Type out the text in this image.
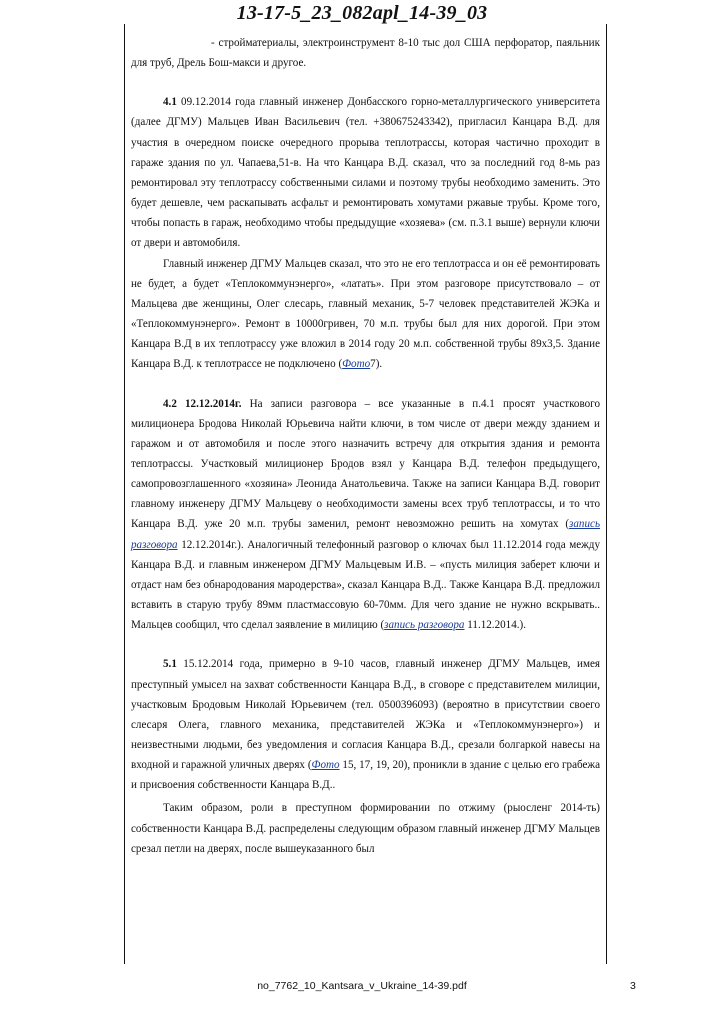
13-17-5_23_082apl_14-39_03

- стройматериалы, электроинструмент 8-10 тыс дол США перфоратор, паяльник для труб, Дрель Бош-макси и другое.

4.1 09.12.2014 года главный инженер Донбасского горно-металлургического университета (далее ДГМУ) Мальцев Иван Васильевич (тел. +380675243342), пригласил Канцара В.Д. для участия в очередном поиске очередного прорыва теплотрассы, которая частично проходит в гараже здания по ул. Чапаева,51-в. На что Канцара В.Д. сказал, что за последний год 8-мь раз ремонтировал эту теплотрассу собственными силами и поэтому трубы необходимо заменить. Это будет дешевле, чем раскапывать асфальт и ремонтировать хомутами ржавые трубы. Кроме того, чтобы попасть в гараж, необходимо чтобы предыдущие «хозяева» (см. п.3.1 выше) вернули ключи от двери и автомобиля.

Главный инженер ДГМУ Мальцев сказал, что это не его теплотрасса и он её ремонтировать не будет, а будет «Теплокоммунэнерго», «латать». При этом разговоре присутствовало – от Мальцева две женщины, Олег слесарь, главный механик, 5-7 человек представителей ЖЭКа и «Теплокоммунэнерго». Ремонт в 10000гривен, 70 м.п. трубы был для них дорогой. При этом Канцара В.Д в их теплотрассу уже вложил в 2014 году 20 м.п. собственной трубы 89х3,5. Здание Канцара В.Д. к теплотрассе не подключено (Фото7).

4.2 12.12.2014г. На записи разговора – все указанные в п.4.1 просят участкового милиционера Бродова Николай Юрьевича найти ключи, в том числе от двери между зданием и гаражом и от автомобиля и после этого назначить встречу для открытия здания и ремонта теплотрассы. Участковый милиционер Бродов взял у Канцара В.Д. телефон предыдущего, самопровозглашенного «хозяина» Леонида Анатольевича. Также на записи Канцара В.Д. говорит главному инженеру ДГМУ Мальцеву о необходимости замены всех труб теплотрассы, и то что Канцара В.Д. уже 20 м.п. трубы заменил, ремонт невозможно решить на хомутах (запись разговора 12.12.2014г.). Аналогичный телефонный разговор о ключах был 11.12.2014 года между Канцара В.Д. и главным инженером ДГМУ Мальцевым И.В. – «пусть милиция заберет ключи и отдаст нам без обнародования мародерства», сказал Канцара В.Д.. Также Канцара В.Д. предложил вставить в старую трубу 89мм пластмассовую 60-70мм. Для чего здание не нужно вскрывать.. Мальцев сообщил, что сделал заявление в милицию (запись разговора 11.12.2014.).

5.1 15.12.2014 года, примерно в 9-10 часов, главный инженер ДГМУ Мальцев, имея преступный умысел на захват собственности Канцара В.Д., в сговоре с представителем милиции, участковым Бродовым Николай Юрьевичем (тел. 0500396093) (вероятно в присутствии своего слесаря Олега, главного механика, представителей ЖЭКа и «Теплокоммунэнерго») и неизвестными людьми, без уведомления и согласия Канцара В.Д., срезали болгаркой навесы на входной и гаражной уличных дверях (Фото 15, 17, 19, 20), проникли в здание с целью его грабежа и присвоения собственности Канцара В.Д..

Таким образом, роли в преступном формировании по отжиму (рыосленг 2014-ть) собственности Канцара В.Д. распределены следующим образом главный инженер ДГМУ Мальцев срезал петли на дверях, после вышеуказанного был

no_7762_10_Kantsara_v_Ukraine_14-39.pdf	3
